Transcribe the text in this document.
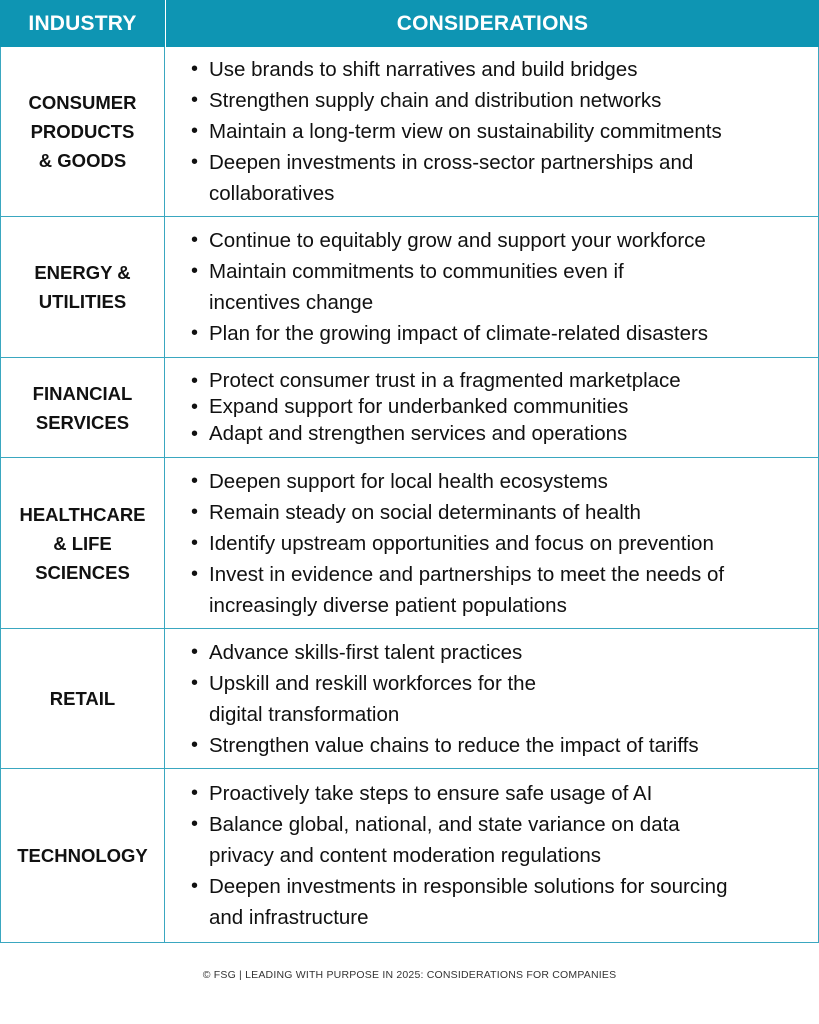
INDUSTRY	CONSIDERATIONS
CONSUMER
PRODUCTS
& GOODS
• Use brands to shift narratives and build bridges
• Strengthen supply chain and distribution networks
• Maintain a long-term view on sustainability commitments
• Deepen investments in cross-sector partnerships and
collaboratives
ENERGY &
UTILITIES
• Continue to equitably grow and support your workforce
• Maintain commitments to communities even if
incentives change
• Plan for the growing impact of climate-related disasters
FINANCIAL
SERVICES
• Protect consumer trust in a fragmented marketplace
• Expand support for underbanked communities
• Adapt and strengthen services and operations
HEALTHCARE
& LIFE
SCIENCES
• Deepen support for local health ecosystems
• Remain steady on social determinants of health
• Identify upstream opportunities and focus on prevention
• Invest in evidence and partnerships to meet the needs of
increasingly diverse patient populations
RETAIL
• Advance skills-first talent practices
• Upskill and reskill workforces for the
digital transformation
• Strengthen value chains to reduce the impact of tariffs
TECHNOLOGY
• Proactively take steps to ensure safe usage of AI
• Balance global, national, and state variance on data
privacy and content moderation regulations
• Deepen investments in responsible solutions for sourcing
and infrastructure
© FSG | LEADING WITH PURPOSE IN 2025: CONSIDERATIONS FOR COMPANIES
